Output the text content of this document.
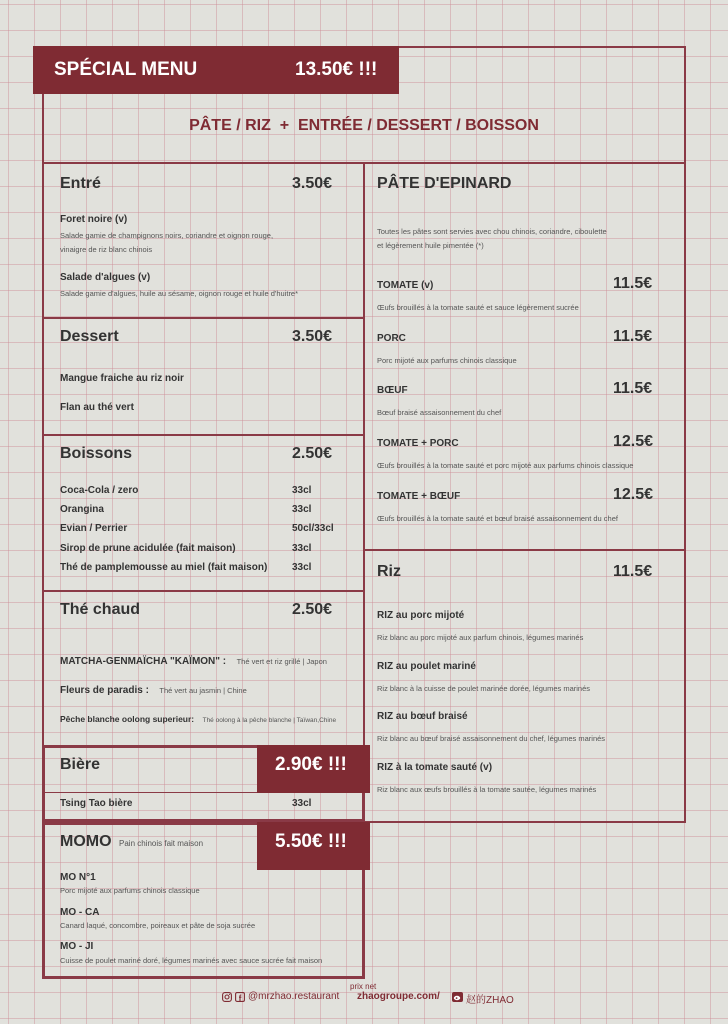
SPÉCIAL MENU	13.50€ !!!
PÂTE / RIZ  +  ENTRÉE / DESSERT / BOISSON
Entré	3.50€
Foret noire (v)
Salade gamie de champignons noirs, coriandre et oignon rouge,
vinaigre de riz blanc chinois
Salade d'algues (v)
Salade gamie d'algues, huile au sésame, oignon rouge et huile d'huitre*
Dessert	3.50€
Mangue fraiche au riz noir
Flan au thé vert
Boissons	2.50€
Coca-Cola / zero	33cl
Orangina	33cl
Evian / Perrier	50cl/33cl
Sirop de prune acidulée (fait maison)	33cl
Thé de pamplemousse au miel (fait maison) 33cl
Thé chaud	2.50€
MATCHA-GENMAÏCHA "KAÏMON" : Thé vert et riz grillé | Japon
Fleurs de paradis : Thé vert au jasmin | Chine
Pêche blanche oolong superieur: Thé oolong à la pêche blanche | Taïwan,Chine
Bière	2.90€ !!!
Tsing Tao bière	33cl
MOMO Pain chinois fait maison	5.50€ !!!
MO N°1
Porc mijoté aux parfums chinois classique
MO - CA
Canard laqué, concombre, poireaux et pâte de soja sucrée
MO - JI
Cuisse de poulet mariné doré, légumes marinés avec sauce sucrée fait maison
PÂTE D'EPINARD
Toutes les pâtes sont servies avec chou chinois, coriandre, ciboulette
et légèrement huile pimentée (*)
TOMATE (v)	11.5€
Œufs brouillés à la tomate sauté et sauce légèrement sucrée
PORC	11.5€
Porc mijoté aux parfums chinois classique
BŒUF	11.5€
Bœuf braisé assaisonnement du chef
TOMATE + PORC	12.5€
Œufs brouillés à la tomate sauté et porc mijoté aux parfums chinois classique
TOMATE + BŒUF	12.5€
Œufs brouillés à la tomate sauté et bœuf braisé assaisonnement du chef
Riz	11.5€
RIZ au porc mijoté
Riz blanc au porc mijoté aux parfum chinois, légumes marinés
RIZ au poulet mariné
Riz blanc à la cuisse de poulet marinée dorée, légumes marinés
RIZ au bœuf braisé
Riz blanc au bœuf braisé assaisonnement du chef, légumes marinés
RIZ à la tomate sauté (v)
Riz blanc aux œufs brouillés à la tomate sautée, légumes marinés
prix net
@mrzhao.restaurant zhaogroupe.com /	赵的ZHAO
